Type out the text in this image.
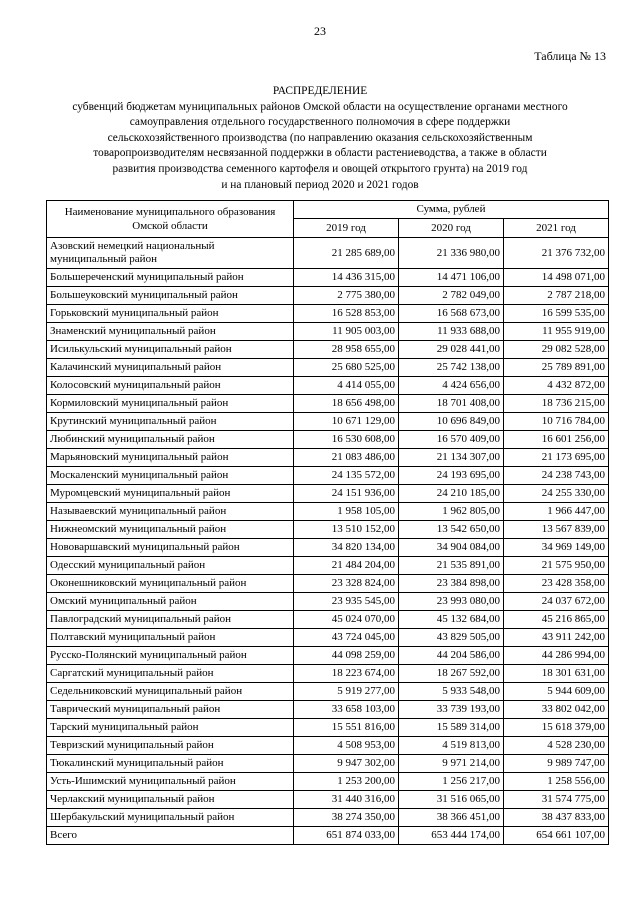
23
Таблица № 13
РАСПРЕДЕЛЕНИЕ
субвенций бюджетам муниципальных районов Омской области на осуществление органами местного
самоуправления отдельного государственного полномочия в сфере поддержки
сельскохозяйственного производства (по направлению оказания сельскохозяйственным
товаропроизводителям несвязанной поддержки в области растениеводства, а также в области
развития производства семенного картофеля и овощей открытого грунта) на 2019 год
и на плановый период 2020 и 2021 годов
Наименование муниципального образования Омской области	Сумма, рублей		
	2019 год	2020 год	2021 год
Азовский немецкий национальный муниципальный район	21 285 689,00	21 336 980,00	21 376 732,00
Большереченский муниципальный район	14 436 315,00	14 471 106,00	14 498 071,00
Большеуковский муниципальный район	2 775 380,00	2 782 049,00	2 787 218,00
Горьковский муниципальный район	16 528 853,00	16 568 673,00	16 599 535,00
Знаменский муниципальный район	11 905 003,00	11 933 688,00	11 955 919,00
Исилькульский муниципальный район	28 958 655,00	29 028 441,00	29 082 528,00
Калачинский муниципальный район	25 680 525,00	25 742 138,00	25 789 891,00
Колосовский муниципальный район	4 414 055,00	4 424 656,00	4 432 872,00
Кормиловский муниципальный район	18 656 498,00	18 701 408,00	18 736 215,00
Крутинский муниципальный район	10 671 129,00	10 696 849,00	10 716 784,00
Любинский муниципальный район	16 530 608,00	16 570 409,00	16 601 256,00
Марьяновский муниципальный район	21 083 486,00	21 134 307,00	21 173 695,00
Москаленский муниципальный район	24 135 572,00	24 193 695,00	24 238 743,00
Муромцевский муниципальный район	24 151 936,00	24 210 185,00	24 255 330,00
Называевский муниципальный район	1 958 105,00	1 962 805,00	1 966 447,00
Нижнеомский муниципальный район	13 510 152,00	13 542 650,00	13 567 839,00
Нововаршавский муниципальный район	34 820 134,00	34 904 084,00	34 969 149,00
Одесский муниципальный район	21 484 204,00	21 535 891,00	21 575 950,00
Оконешниковский муниципальный район	23 328 824,00	23 384 898,00	23 428 358,00
Омский муниципальный район	23 935 545,00	23 993 080,00	24 037 672,00
Павлоградский муниципальный район	45 024 070,00	45 132 684,00	45 216 865,00
Полтавский муниципальный район	43 724 045,00	43 829 505,00	43 911 242,00
Русско-Полянский муниципальный район	44 098 259,00	44 204 586,00	44 286 994,00
Саргатский муниципальный район	18 223 674,00	18 267 592,00	18 301 631,00
Седельниковский муниципальный район	5 919 277,00	5 933 548,00	5 944 609,00
Таврический муниципальный район	33 658 103,00	33 739 193,00	33 802 042,00
Тарский муниципальный район	15 551 816,00	15 589 314,00	15 618 379,00
Тевризский муниципальный район	4 508 953,00	4 519 813,00	4 528 230,00
Тюкалинский муниципальный район	9 947 302,00	9 971 214,00	9 989 747,00
Усть-Ишимский муниципальный район	1 253 200,00	1 256 217,00	1 258 556,00
Черлакский муниципальный район	31 440 316,00	31 516 065,00	31 574 775,00
Шербакульский муниципальный район	38 274 350,00	38 366 451,00	38 437 833,00
Всего	651 874 033,00	653 444 174,00	654 661 107,00
